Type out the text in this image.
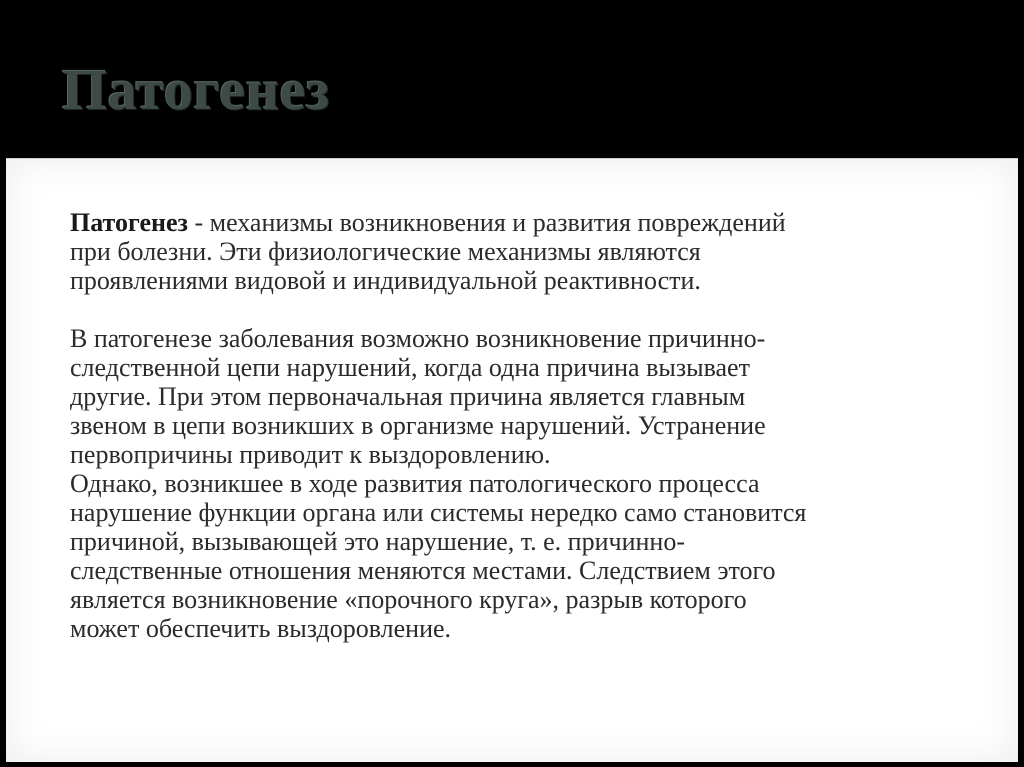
Патогенез
Патогенез - механизмы возникновения и развития повреждений
при болезни. Эти физиологические механизмы являются
проявлениями видовой и индивидуальной реактивности.
В патогенезе заболевания возможно возникновение причинно-
следственной цепи нарушений, когда одна причина вызывает
другие. При этом первоначальная причина является главным
звеном в цепи возникших в организме нарушений. Устранение
первопричины приводит к выздоровлению.
Однако, возникшее в ходе развития патологического процесса
нарушение функции органа или системы нередко само становится
причиной, вызывающей это нарушение, т. е. причинно-
следственные отношения меняются местами. Следствием этого
является возникновение «порочного круга», разрыв которого
может обеспечить выздоровление.
